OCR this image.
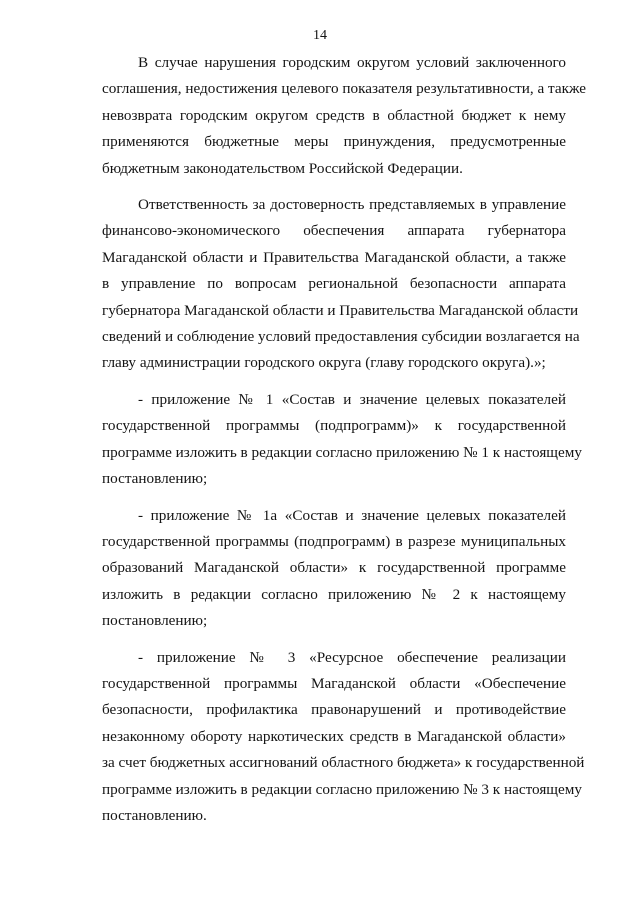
14

В случае нарушения городским округом условий заключенного
соглашения, недостижения целевого показателя результативности, а также
невозврата городским округом средств в областной бюджет к нему
применяются бюджетные меры принуждения, предусмотренные
бюджетным законодательством Российской Федерации.

Ответственность за достоверность представляемых в управление
финансово-экономического обеспечения аппарата губернатора
Магаданской области и Правительства Магаданской области, а также
в управление по вопросам региональной безопасности аппарата
губернатора Магаданской области и Правительства Магаданской области
сведений и соблюдение условий предоставления субсидии возлагается на
главу администрации городского округа (главу городского округа).»;

- приложение № 1 «Состав и значение целевых показателей
государственной программы (подпрограмм)» к государственной
программе изложить в редакции согласно приложению № 1 к настоящему
постановлению;

- приложение № 1а «Состав и значение целевых показателей
государственной программы (подпрограмм) в разрезе муниципальных
образований Магаданской области» к государственной программе
изложить в редакции согласно приложению № 2 к настоящему
постановлению;

- приложение № 3 «Ресурсное обеспечение реализации
государственной программы Магаданской области «Обеспечение
безопасности, профилактика правонарушений и противодействие
незаконному обороту наркотических средств в Магаданской области»
за счет бюджетных ассигнований областного бюджета» к государственной
программе изложить в редакции согласно приложению № 3 к настоящему
постановлению.
